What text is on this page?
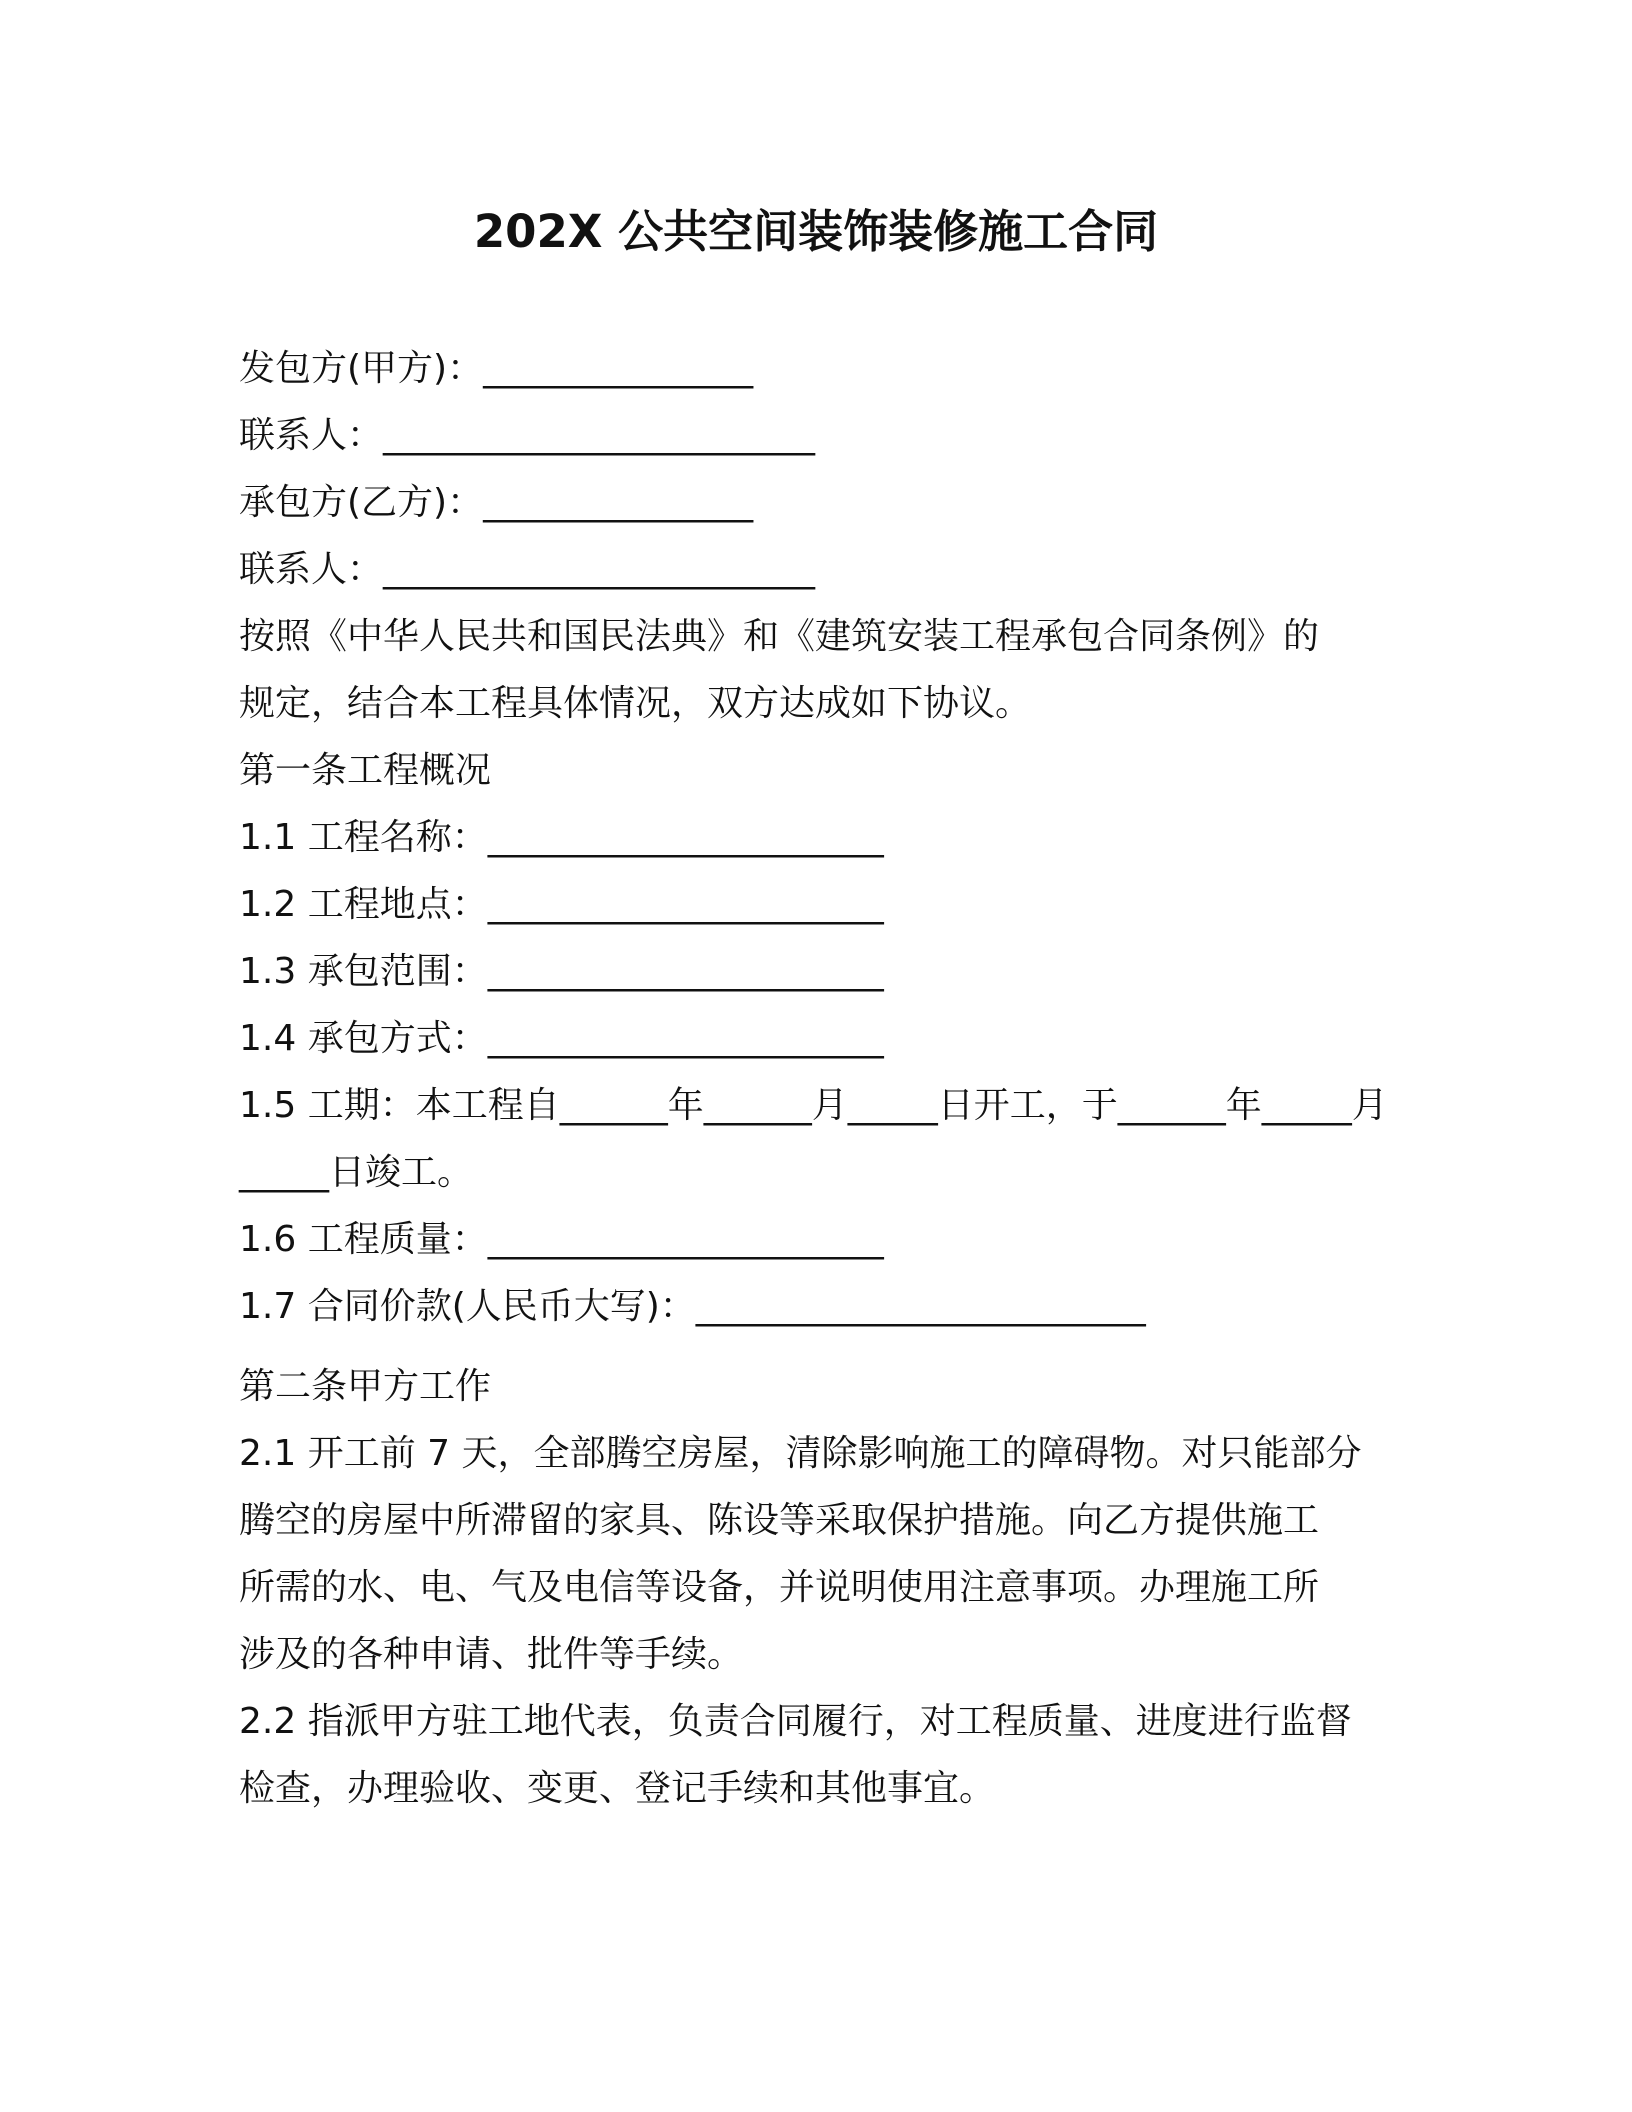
202X 公共空间装饰装修施工合同
发包方(甲方)：_______________
联系人：________________________
承包方(乙方)：_______________
联系人：________________________
按照《中华人民共和国民法典》和《建筑安装工程承包合同条例》的
规定，结合本工程具体情况，双方达成如下协议。
第一条工程概况
1.1 工程名称：______________________
1.2 工程地点：______________________
1.3 承包范围：______________________
1.4 承包方式：______________________
1.5 工期：本工程自______年______月_____日开工，于______年_____月
_____日竣工。
1.6 工程质量：______________________
1.7 合同价款(人民币大写)：_________________________
第二条甲方工作
2.1 开工前 7 天，全部腾空房屋，清除影响施工的障碍物。对只能部分
腾空的房屋中所滞留的家具、陈设等采取保护措施。向乙方提供施工
所需的水、电、气及电信等设备，并说明使用注意事项。办理施工所
涉及的各种申请、批件等手续。
2.2 指派甲方驻工地代表，负责合同履行，对工程质量、进度进行监督
检查，办理验收、变更、登记手续和其他事宜。
